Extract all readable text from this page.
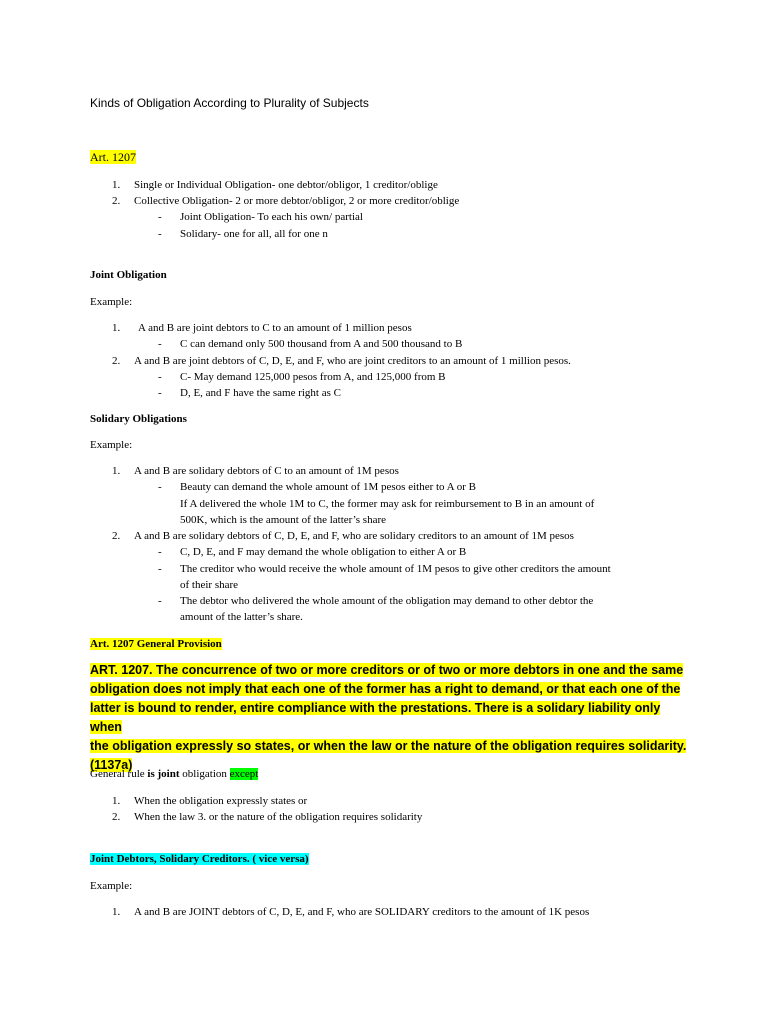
Kinds of Obligation According to Plurality of Subjects
Art. 1207
1. Single or Individual Obligation- one debtor/obligor, 1 creditor/oblige
2. Collective Obligation- 2 or more debtor/obligor, 2 or more creditor/oblige
- Joint Obligation- To each his own/ partial
- Solidary- one for all, all for one n
Joint Obligation
Example:
1. A and B are joint debtors to C to an amount of 1 million pesos
- C can demand only 500 thousand from A and 500 thousand to B
2. A and B are joint debtors of C, D, E, and F, who are joint creditors to an amount of 1 million pesos.
- C- May demand 125,000 pesos from A, and 125,000 from B
- D, E, and F have the same right as C
Solidary Obligations
Example:
1. A and B are solidary debtors of C to an amount of 1M pesos
- Beauty can demand the whole amount of 1M pesos either to A or B
If A delivered the whole 1M to C, the former may ask for reimbursement to B in an amount of
500K, which is the amount of the latter’s share
2. A and B are solidary debtors of C, D, E, and F, who are solidary creditors to an amount of 1M pesos
- C, D, E, and F may demand the whole obligation to either A or B
- The creditor who would receive the whole amount of 1M pesos to give other creditors the amount
of their share
- The debtor who delivered the whole amount of the obligation may demand to other debtor the
amount of the latter’s share.
Art. 1207 General Provision
ART. 1207. The concurrence of two or more creditors or of two or more debtors in one and the same
obligation does not imply that each one of the former has a right to demand, or that each one of the
latter is bound to render, entire compliance with the prestations. There is a solidary liability only when
the obligation expressly so states, or when the law or the nature of the obligation requires solidarity.
(1137a)
General rule is joint obligation except
1. When the obligation expressly states or
2. When the law 3. or the nature of the obligation requires solidarity
Joint Debtors, Solidary Creditors. ( vice versa)
Example:
1. A and B are JOINT debtors of C, D, E, and F, who are SOLIDARY creditors to the amount of 1K pesos
